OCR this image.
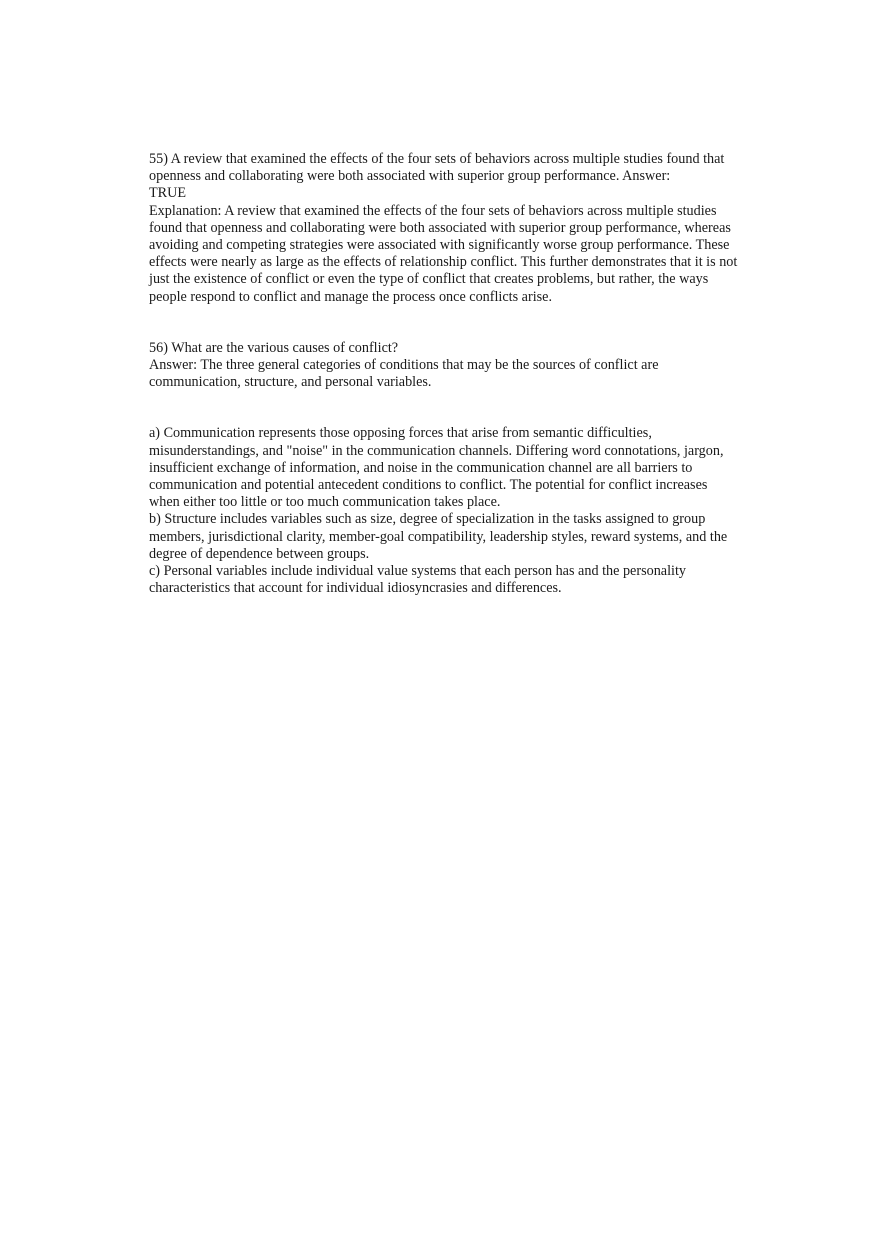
55) A review that examined the effects of the four sets of behaviors across multiple studies found that openness and collaborating were both associated with superior group performance. Answer:

TRUE

Explanation: A review that examined the effects of the four sets of behaviors across multiple studies found that openness and collaborating were both associated with superior group performance, whereas avoiding and competing strategies were associated with significantly worse group performance. These effects were nearly as large as the effects of relationship conflict. This further demonstrates that it is not just the existence of conflict or even the type of conflict that creates problems, but rather, the ways people respond to conflict and manage the process once conflicts arise.

56) What are the various causes of conflict?

Answer: The three general categories of conditions that may be the sources of conflict are communication, structure, and personal variables.

a) Communication represents those opposing forces that arise from semantic difficulties, misunderstandings, and "noise" in the communication channels. Differing word connotations, jargon, insufficient exchange of information, and noise in the communication channel are all barriers to communication and potential antecedent conditions to conflict. The potential for conflict increases when either too little or too much communication takes place.

b) Structure includes variables such as size, degree of specialization in the tasks assigned to group members, jurisdictional clarity, member-goal compatibility, leadership styles, reward systems, and the degree of dependence between groups.

c) Personal variables include individual value systems that each person has and the personality characteristics that account for individual idiosyncrasies and differences.
